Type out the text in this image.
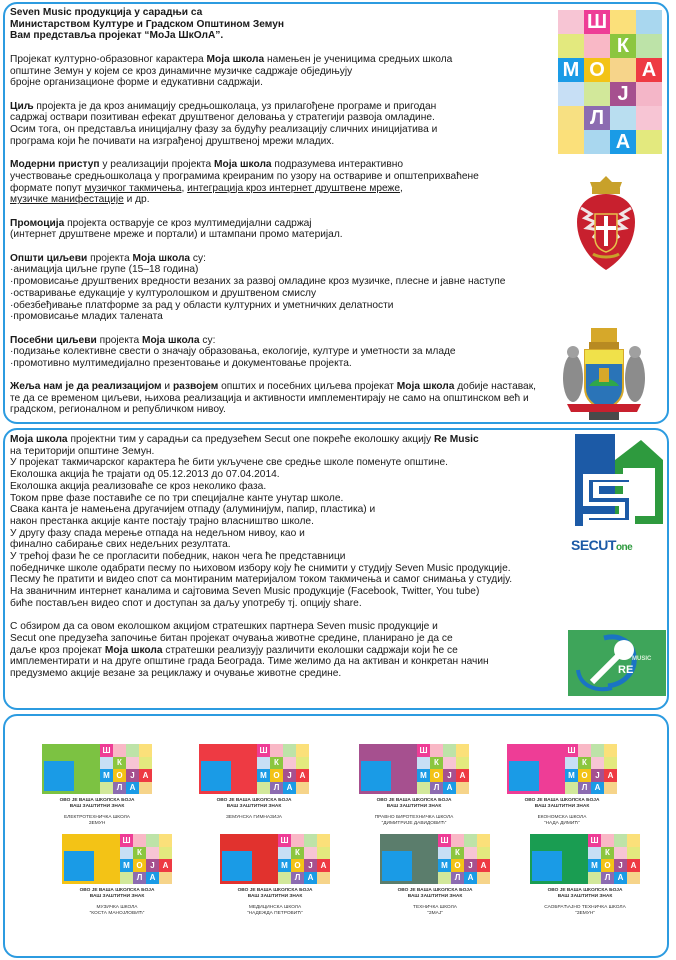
Seven Music продукција у сарадњи са

Министарством Културе и Градском Општином Земун

Вам представља пројекат “МоЈа ШкОлА”.

Пројекат културно-образовног карактера Моја школа намењен је ученицима средњих школа

општине Земун у којем се кроз динамичне музичке садржаје обједињују

бројне организационе форме и едукативни садржаји.

Циљ пројекта је да кроз анимацију средњошколаца, уз прилагођене програме и пригодан

садржај оствари позитиван ефекат друштвеног деловања у стратегији развоја омладине.

Осим тога, он представља иницијалну фазу за будућу реализацију сличних иницијатива и

програма који ће почивати на изграђеној друштвеној мрежи младих.

Модерни приступ у реализацији пројекта Моја школа подразумева интерактивно

учествовање средњошколаца у програмима креираним по узору на оствариве и општеприхваћене

формате попут музичког такмичења, интеграција кроз интернет друштвене мреже,

музичке манифестације и др.

Промоција пројекта остварује се кроз мултимедијални садржај

(интернет друштвене мреже и портали) и штампани промо материјал.

Општи циљеви пројекта Моја школа су:

·анимација циљне групе (15–18 година)

·промовисање друштвених вредности везаних за развој омладине кроз музичке, плесне и јавне наступе

·остваривање едукације у културолошком и друштвеном смислу

·обезбеђивање платформе за рад у области културних и уметничких делатности

·промовисање младих талената

Посебни циљеви пројекта Моја школа су:

·подизање колективне свести о значају образовања, екологије, културе и уметности за младе

·промотивно мултимедијално презентовање и документовање пројекта.

Жеља нам је да реализацијом и развојем општих и посебних циљева пројекат Моја школа добије наставак,

те да се временом циљеви, њихова реализација и активности имплементирају не само на општинском већ и

градском, регионалном и републичком нивоу.

Ш
К
М О А
Ј
Л
А

Моја школа пројектни тим у сарадњи са предузећем Secut one покреће еколошку акцију Re Music

на територији општине Земун.

У пројекат такмичарског карактера ће бити укључене све средње школе поменуте општине.

Еколошка акција ће трајати од 05.12.2013 до 07.04.2014.

Еколошка акција реализоваће се кроз неколико фаза.

Током прве фазе поставиће се по три специјалне канте унутар школе.

Свака канта је намењена другачијем отпаду (алуминијум, папир, пластика) и

након престанка акције канте постају трајно власништво школе.

У другу фазу спада мерење отпада на недељном нивоу, као и

финално сабирање свих недељних резултата.

У трећој фази ће се прогласити победник, након чега ће представници

победничке школе одабрати песму по њиховом избору коју ће снимити у студију Seven Music продукције.

Песму ће пратити и видео спот са монтираним материјалом током такмичења и самог снимања у студију.

На званичним интернет каналима и сајтовима Seven Music продукције (Facebook, Twitter, You tube)

биће постављен видео спот и доступан за даљу употребу тј. опцију share.

С обзиром да са овом еколошком акцијом стратешких партнера Seven music продукције и

Secut one предузећа започиње битан пројекат очувања животне средине, планирано је да се

даље кроз пројекат Моја школа стратешки реализују различити еколошки садржаји који ће се

имплементирати и на друге општине града Београда. Тиме желимо да на активан и конкретан начин

предузмемо акције везане за рециклажу и очување животне средине.

SECUTone
RE
MUSIC
Ш
К
М О Ј А
Л А
ОВО ЈЕ ВАША ШКОЛСКА БОЈА
ВАШ ЗАШТИТНИ ЗНАК
ЕЛЕКТРОТЕХНИЧКА ШКОЛА
ЗЕМУН
Ш
К
М О Ј А
Л А
ОВО ЈЕ ВАША ШКОЛСКА БОЈА
ВАШ ЗАШТИТНИ ЗНАК
ЗЕМУНСКА ГИМНАЗИЈА
Ш
К
М О Ј А
Л А
ОВО ЈЕ ВАША ШКОЛСКА БОЈА
ВАШ ЗАШТИТНИ ЗНАК
ПРАВНО БИРОТЕХНИЧКА ШКОЛА
“ДИМИТРИЈЕ ДАВИДОВИЋ”
Ш
К
М О Ј А
Л А
ОВО ЈЕ ВАША ШКОЛСКА БОЈА
ВАШ ЗАШТИТНИ ЗНАК
ЕКОНОМСКА ШКОЛА
“НАДА ДИМИЋ”
Ш
К
М О Ј А
Л А
ОВО ЈЕ ВАША ШКОЛСКА БОЈА
ВАШ ЗАШТИТНИ ЗНАК
МУЗИЧКА ШКОЛА
“КОСТА МАНОЈЛОВИЋ”
Ш
К
М О Ј А
Л А
ОВО ЈЕ ВАША ШКОЛСКА БОЈА
ВАШ ЗАШТИТНИ ЗНАК
МЕДИЦИНСКА ШКОЛА
“НАДЕЖДА ПЕТРОВИЋ”
Ш
К
М О Ј А
Л А
ОВО ЈЕ ВАША ШКОЛСКА БОЈА
ВАШ ЗАШТИТНИ ЗНАК
ТЕХНИЧКА ШКОЛА
“ЗМАЈ”
Ш
К
М О Ј А
Л А
ОВО ЈЕ ВАША ШКОЛСКА БОЈА
ВАШ ЗАШТИТНИ ЗНАК
САОБРАЋАЈНО ТЕХНИЧКА ШКОЛА
“ЗЕМУН”
